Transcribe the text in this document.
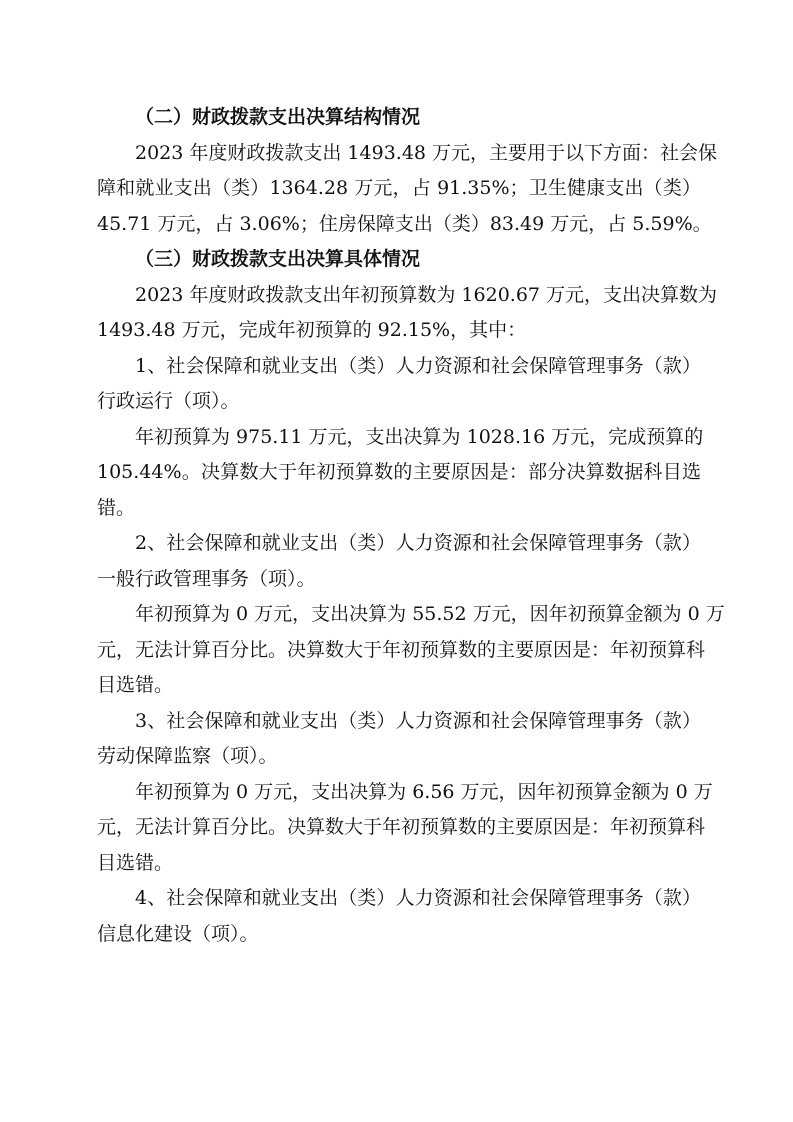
（二）财政拨款支出决算结构情况
2023 年度财政拨款支出 1493.48 万元，主要用于以下方面：社会保
障和就业支出（类）1364.28 万元，占 91.35%；卫生健康支出（类）
45.71 万元，占 3.06%；住房保障支出（类）83.49 万元，占 5.59%。
（三）财政拨款支出决算具体情况
2023 年度财政拨款支出年初预算数为 1620.67 万元，支出决算数为
1493.48 万元，完成年初预算的 92.15%，其中：
1、社会保障和就业支出（类）人力资源和社会保障管理事务（款）
行政运行（项）。
年初预算为 975.11 万元，支出决算为 1028.16 万元，完成预算的
105.44%。决算数大于年初预算数的主要原因是：部分决算数据科目选
错。
2、社会保障和就业支出（类）人力资源和社会保障管理事务（款）
一般行政管理事务（项）。
年初预算为 0 万元，支出决算为 55.52 万元，因年初预算金额为 0 万
元，无法计算百分比。决算数大于年初预算数的主要原因是：年初预算科
目选错。
3、社会保障和就业支出（类）人力资源和社会保障管理事务（款）
劳动保障监察（项）。
年初预算为 0 万元，支出决算为 6.56 万元，因年初预算金额为 0 万
元，无法计算百分比。决算数大于年初预算数的主要原因是：年初预算科
目选错。
4、社会保障和就业支出（类）人力资源和社会保障管理事务（款）
信息化建设（项）。
